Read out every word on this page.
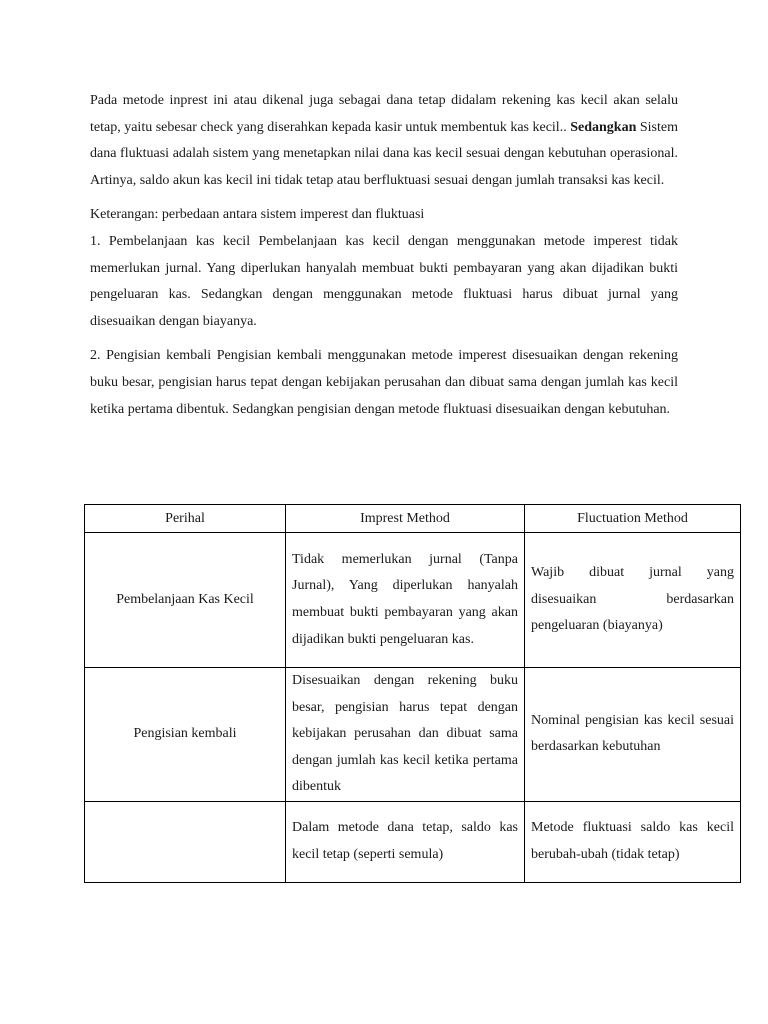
Pada metode inprest ini atau dikenal juga sebagai dana tetap didalam rekening kas kecil akan selalu tetap, yaitu sebesar check yang diserahkan kepada kasir untuk membentuk kas kecil.. Sedangkan Sistem dana fluktuasi adalah sistem yang menetapkan nilai dana kas kecil sesuai dengan kebutuhan operasional. Artinya, saldo akun kas kecil ini tidak tetap atau berfluktuasi sesuai dengan jumlah transaksi kas kecil.

Keterangan: perbedaan antara sistem imperest dan fluktuasi

1. Pembelanjaan kas kecil Pembelanjaan kas kecil dengan menggunakan metode imperest tidak memerlukan jurnal. Yang diperlukan hanyalah membuat bukti pembayaran yang akan dijadikan bukti pengeluaran kas. Sedangkan dengan menggunakan metode fluktuasi harus dibuat jurnal yang disesuaikan dengan biayanya.

2. Pengisian kembali Pengisian kembali menggunakan metode imperest disesuaikan dengan rekening buku besar, pengisian harus tepat dengan kebijakan perusahan dan dibuat sama dengan jumlah kas kecil ketika pertama dibentuk. Sedangkan pengisian dengan metode fluktuasi disesuaikan dengan kebutuhan.

Perihal	Imprest Method	Fluctuation Method
Pembelanjaan Kas Kecil	Tidak memerlukan jurnal (Tanpa Jurnal), Yang diperlukan hanyalah membuat bukti pembayaran yang akan dijadikan bukti pengeluaran kas.	Wajib dibuat jurnal yang disesuaikan berdasarkan pengeluaran (biayanya)
Pengisian kembali	Disesuaikan dengan rekening buku besar, pengisian harus tepat dengan kebijakan perusahan dan dibuat sama dengan jumlah kas kecil ketika pertama dibentuk	Nominal pengisian kas kecil sesuai berdasarkan kebutuhan
	Dalam metode dana tetap, saldo kas kecil tetap (seperti semula)	Metode fluktuasi saldo kas kecil berubah-ubah (tidak tetap)
